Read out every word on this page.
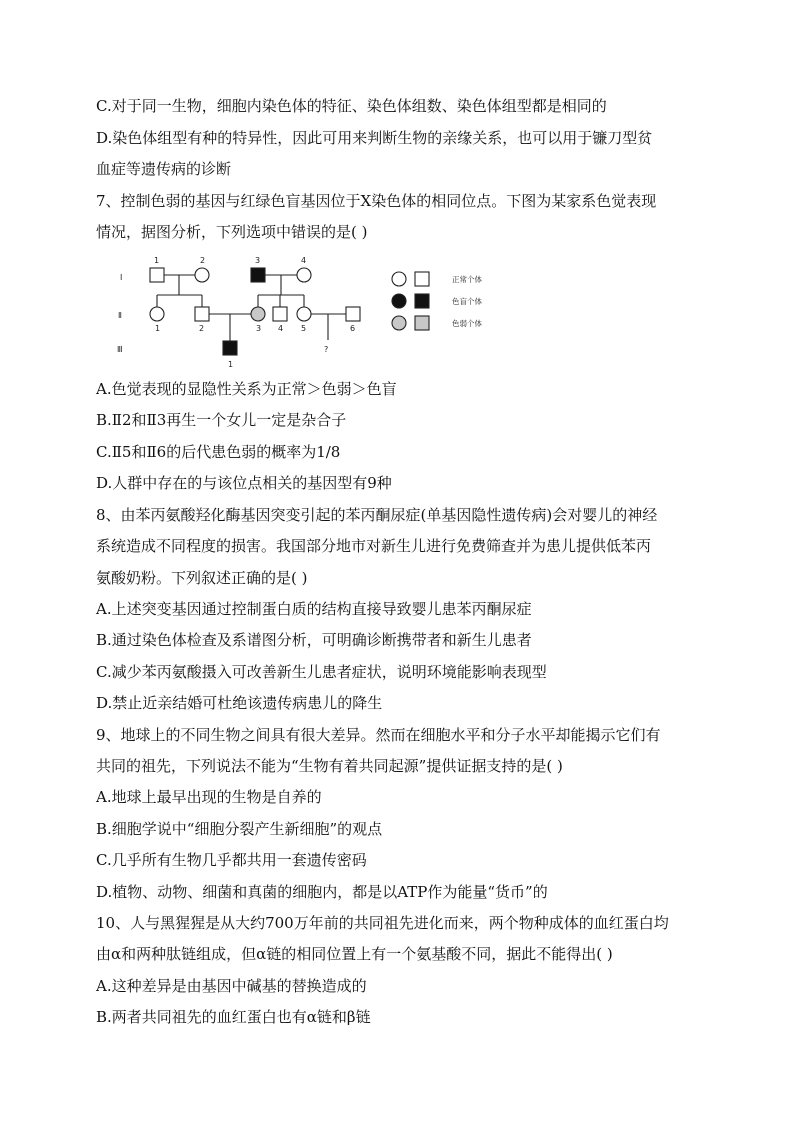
C.对于同一生物，细胞内染色体的特征、染色体组数、染色体组型都是相同的
D.染色体组型有种的特异性，因此可用来判断生物的亲缘关系，也可以用于镰刀型贫
血症等遗传病的诊断
7、控制色弱的基因与红绿色盲基因位于X染色体的相同位点。下图为某家系色觉表现
情况，据图分析，下列选项中错误的是( )
Ⅰ
Ⅱ
Ⅲ
1	2	3	4
1	2	3 4 5	6
1
?
正常个体
色盲个体
色弱个体
A.色觉表现的显隐性关系为正常＞色弱＞色盲
B.Ⅱ2和Ⅱ3再生一个女儿一定是杂合子
C.Ⅱ5和Ⅱ6的后代患色弱的概率为1/8
D.人群中存在的与该位点相关的基因型有9种
8、由苯丙氨酸羟化酶基因突变引起的苯丙酮尿症(单基因隐性遗传病)会对婴儿的神经
系统造成不同程度的损害。我国部分地市对新生儿进行免费筛查并为患儿提供低苯丙
氨酸奶粉。下列叙述正确的是( )
A.上述突变基因通过控制蛋白质的结构直接导致婴儿患苯丙酮尿症
B.通过染色体检查及系谱图分析，可明确诊断携带者和新生儿患者
C.减少苯丙氨酸摄入可改善新生儿患者症状，说明环境能影响表现型
D.禁止近亲结婚可杜绝该遗传病患儿的降生
9、地球上的不同生物之间具有很大差异。然而在细胞水平和分子水平却能揭示它们有
共同的祖先，下列说法不能为“生物有着共同起源”提供证据支持的是( )
A.地球上最早出现的生物是自养的
B.细胞学说中“细胞分裂产生新细胞”的观点
C.几乎所有生物几乎都共用一套遗传密码
D.植物、动物、细菌和真菌的细胞内，都是以ATP作为能量“货币”的
10、人与黑猩猩是从大约700万年前的共同祖先进化而来，两个物种成体的血红蛋白均
由α和两种肽链组成，但α链的相同位置上有一个氨基酸不同，据此不能得出( )
A.这种差异是由基因中碱基的替换造成的
B.两者共同祖先的血红蛋白也有α链和β链
